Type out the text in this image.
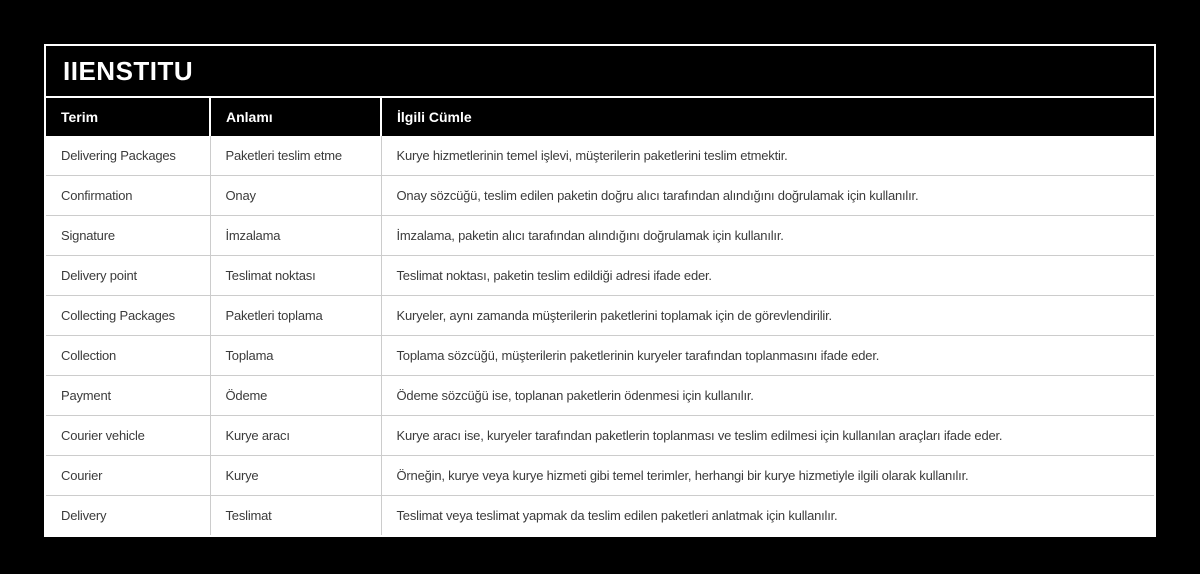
IIENSTITU
Terim	Anlamı	İlgili Cümle
Delivering Packages	Paketleri teslim etme	Kurye hizmetlerinin temel işlevi, müşterilerin paketlerini teslim etmektir.
Confirmation	Onay	Onay sözcüğü, teslim edilen paketin doğru alıcı tarafından alındığını doğrulamak için kullanılır.
Signature	İmzalama	İmzalama, paketin alıcı tarafından alındığını doğrulamak için kullanılır.
Delivery point	Teslimat noktası	Teslimat noktası, paketin teslim edildiği adresi ifade eder.
Collecting Packages	Paketleri toplama	Kuryeler, aynı zamanda müşterilerin paketlerini toplamak için de görevlendirilir.
Collection	Toplama	Toplama sözcüğü, müşterilerin paketlerinin kuryeler tarafından toplanmasını ifade eder.
Payment	Ödeme	Ödeme sözcüğü ise, toplanan paketlerin ödenmesi için kullanılır.
Courier vehicle	Kurye aracı	Kurye aracı ise, kuryeler tarafından paketlerin toplanması ve teslim edilmesi için kullanılan araçları ifade eder.
Courier	Kurye	Örneğin, kurye veya kurye hizmeti gibi temel terimler, herhangi bir kurye hizmetiyle ilgili olarak kullanılır.
Delivery	Teslimat	Teslimat veya teslimat yapmak da teslim edilen paketleri anlatmak için kullanılır.
